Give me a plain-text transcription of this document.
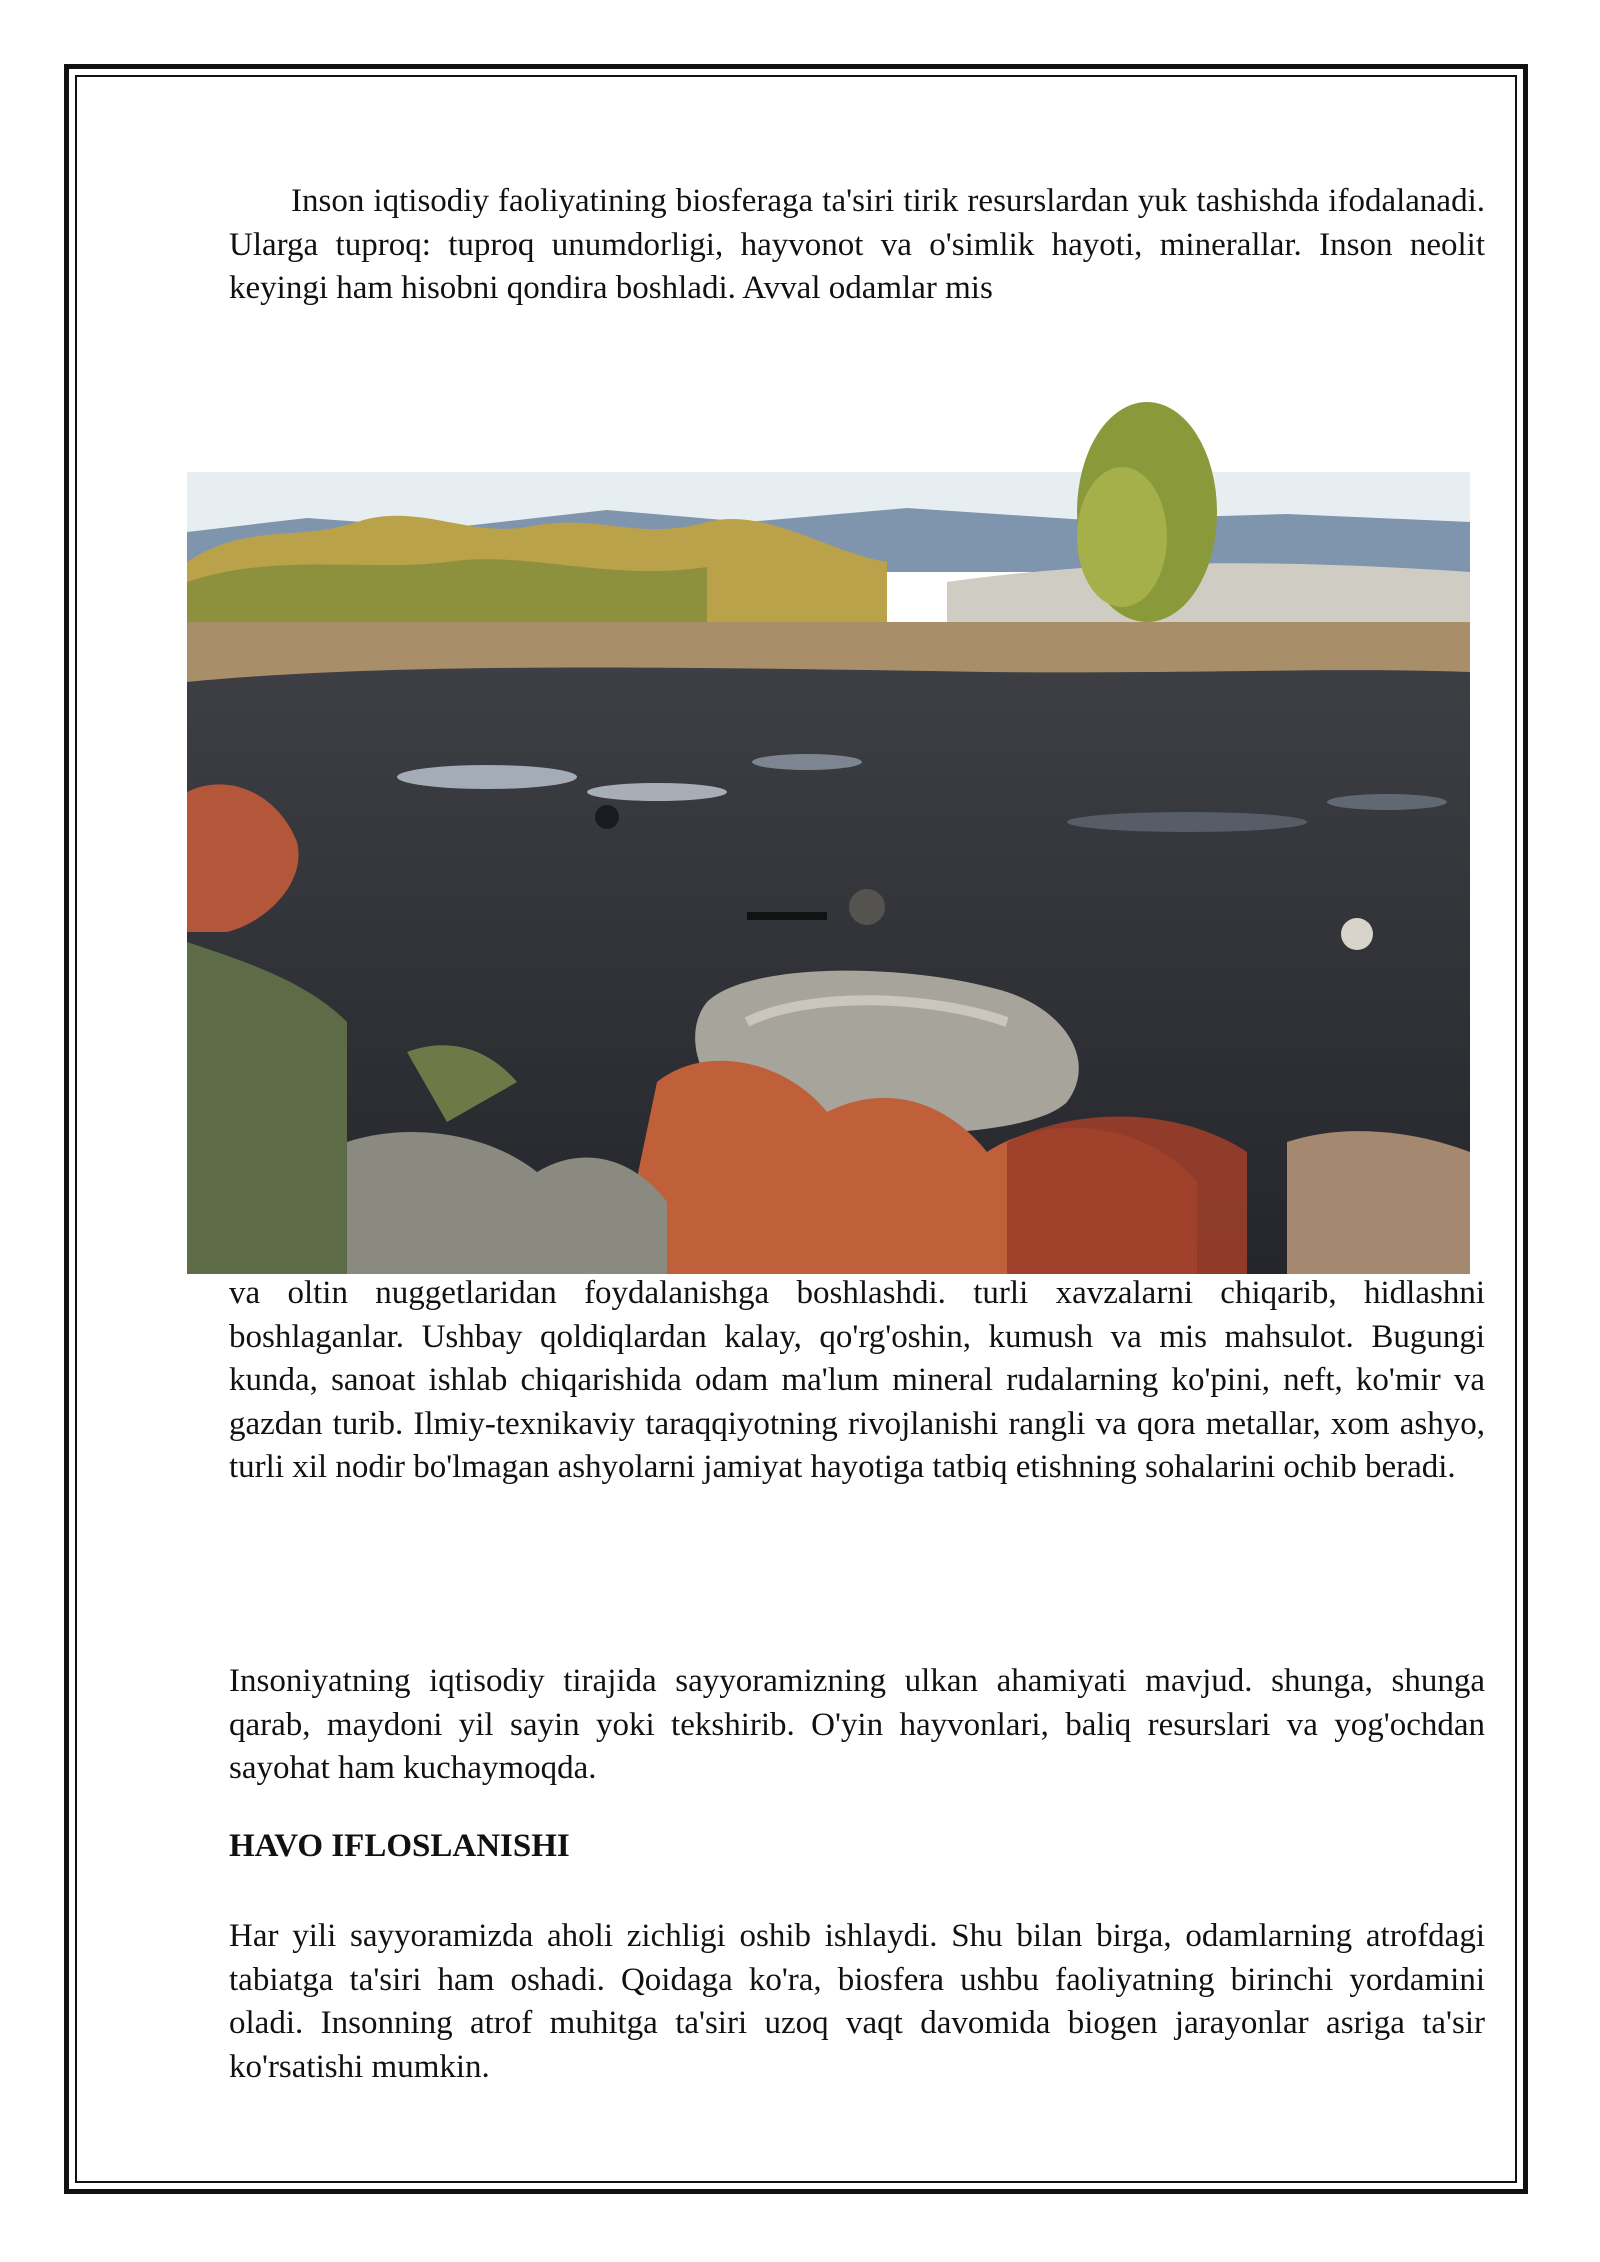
Inson iqtisodiy faoliyatining biosferaga ta'siri tirik resurslardan yuk tashishda ifodalanadi. Ularga tuproq: tuproq unumdorligi, hayvonot va o'simlik hayoti, minerallar. Inson neolit keyingi ham hisobni qondira boshladi. Avval odamlar mis

va oltin nuggetlaridan foydalanishga boshlashdi. turli xavzalarni chiqarib, hidlashni boshlaganlar. Ushbay qoldiqlardan kalay, qo'rg'oshin, kumush va mis mahsulot. Bugungi kunda, sanoat ishlab chiqarishida odam ma'lum mineral rudalarning ko'pini, neft, ko'mir va gazdan turib. Ilmiy-texnikaviy taraqqiyotning rivojlanishi rangli va qora metallar, xom ashyo, turli xil nodir bo'lmagan ashyolarni jamiyat hayotiga tatbiq etishning sohalarini ochib beradi.

Insoniyatning iqtisodiy tirajida sayyoramizning ulkan ahamiyati mavjud. shunga, shunga qarab, maydoni yil sayin yoki tekshirib. O'yin hayvonlari, baliq resurslari va yog'ochdan sayohat ham kuchaymoqda.

HAVO IFLOSLANISHI

Har yili sayyoramizda aholi zichligi oshib ishlaydi. Shu bilan birga, odamlarning atrofdagi tabiatga ta'siri ham oshadi. Qoidaga ko'ra, biosfera ushbu faoliyatning birinchi yordamini oladi. Insonning atrof muhitga ta'siri uzoq vaqt davomida biogen jarayonlar asriga ta'sir ko'rsatishi mumkin.
